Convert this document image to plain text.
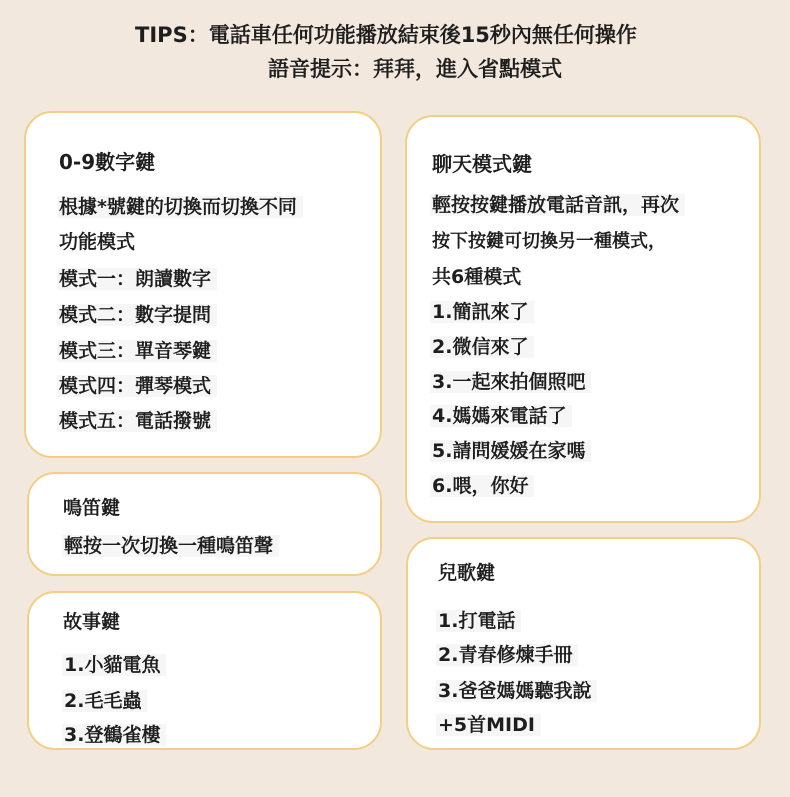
TIPS：電話車任何功能播放結束後15秒內無任何操作
語音提示：拜拜，進入省點模式
0-9數字鍵
根據*號鍵的切換而切換不同
功能模式
模式一：朗讀數字
模式二：數字提問
模式三：單音琴鍵
模式四：彈琴模式
模式五：電話撥號
聊天模式鍵
輕按按鍵播放電話音訊，再次
按下按鍵可切換另一種模式，
共6種模式
1.簡訊來了
2.微信來了
3.一起來拍個照吧
4.媽媽來電話了
5.請問媛媛在家嗎
6.喂，你好
鳴笛鍵
輕按一次切換一種鳴笛聲
故事鍵
1.小貓電魚
2.毛毛蟲
3.登鶴雀樓
兒歌鍵
1.打電話
2.青春修煉手冊
3.爸爸媽媽聽我說
+5首MIDI
